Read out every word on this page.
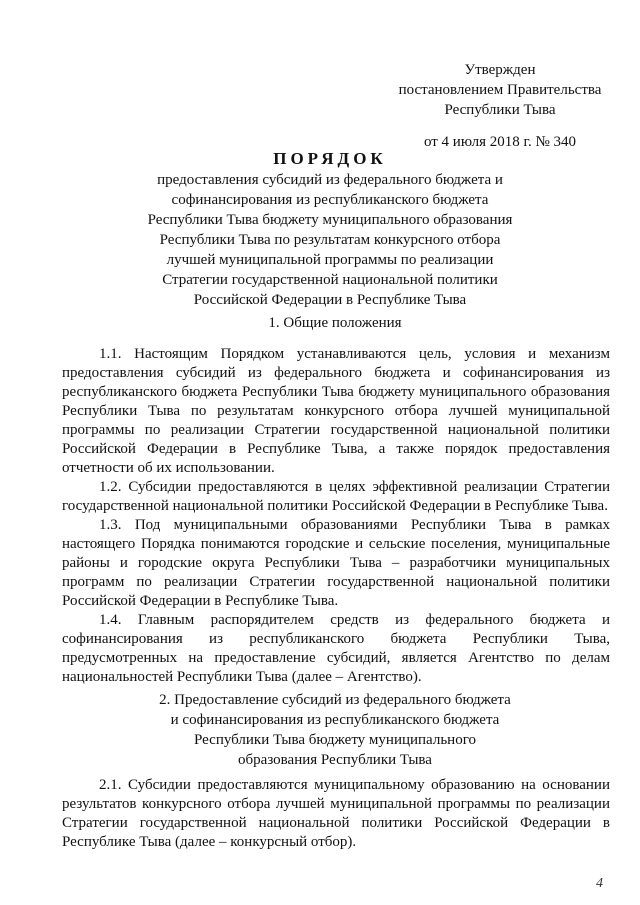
Утвержден
постановлением Правительства
Республики Тыва
от 4 июля 2018 г. № 340
ПОРЯДОК
предоставления субсидий из федерального бюджета и
софинансирования из республиканского бюджета
Республики Тыва бюджету муниципального образования
Республики Тыва по результатам конкурсного отбора
лучшей муниципальной программы по реализации
Стратегии государственной национальной политики
Российской Федерации в Республике Тыва
1. Общие положения

1.1. Настоящим Порядком устанавливаются цель, условия и механизм предоставления субсидий из федерального бюджета и софинансирования из республиканского бюджета Республики Тыва бюджету муниципального образования Республики Тыва по результатам конкурсного отбора лучшей муниципальной программы по реализации Стратегии государственной национальной политики Российской Федерации в Республике Тыва, а также порядок предоставления отчетности об их использовании.

1.2. Субсидии предоставляются в целях эффективной реализации Стратегии государственной национальной политики Российской Федерации в Республике Тыва.

1.3. Под муниципальными образованиями Республики Тыва в рамках настоящего Порядка понимаются городские и сельские поселения, муниципальные районы и городские округа Республики Тыва – разработчики муниципальных программ по реализации Стратегии государственной национальной политики Российской Федерации в Республике Тыва.

1.4. Главным распорядителем средств из федерального бюджета и софинансирования из республиканского бюджета Республики Тыва, предусмотренных на предоставление субсидий, является Агентство по делам национальностей Республики Тыва (далее – Агентство).

2. Предоставление субсидий из федерального бюджета
и софинансирования из республиканского бюджета
Республики Тыва бюджету муниципального
образования Республики Тыва

2.1. Субсидии предоставляются муниципальному образованию на основании результатов конкурсного отбора лучшей муниципальной программы по реализации Стратегии государственной национальной политики Российской Федерации в Республике Тыва (далее – конкурсный отбор).

4
